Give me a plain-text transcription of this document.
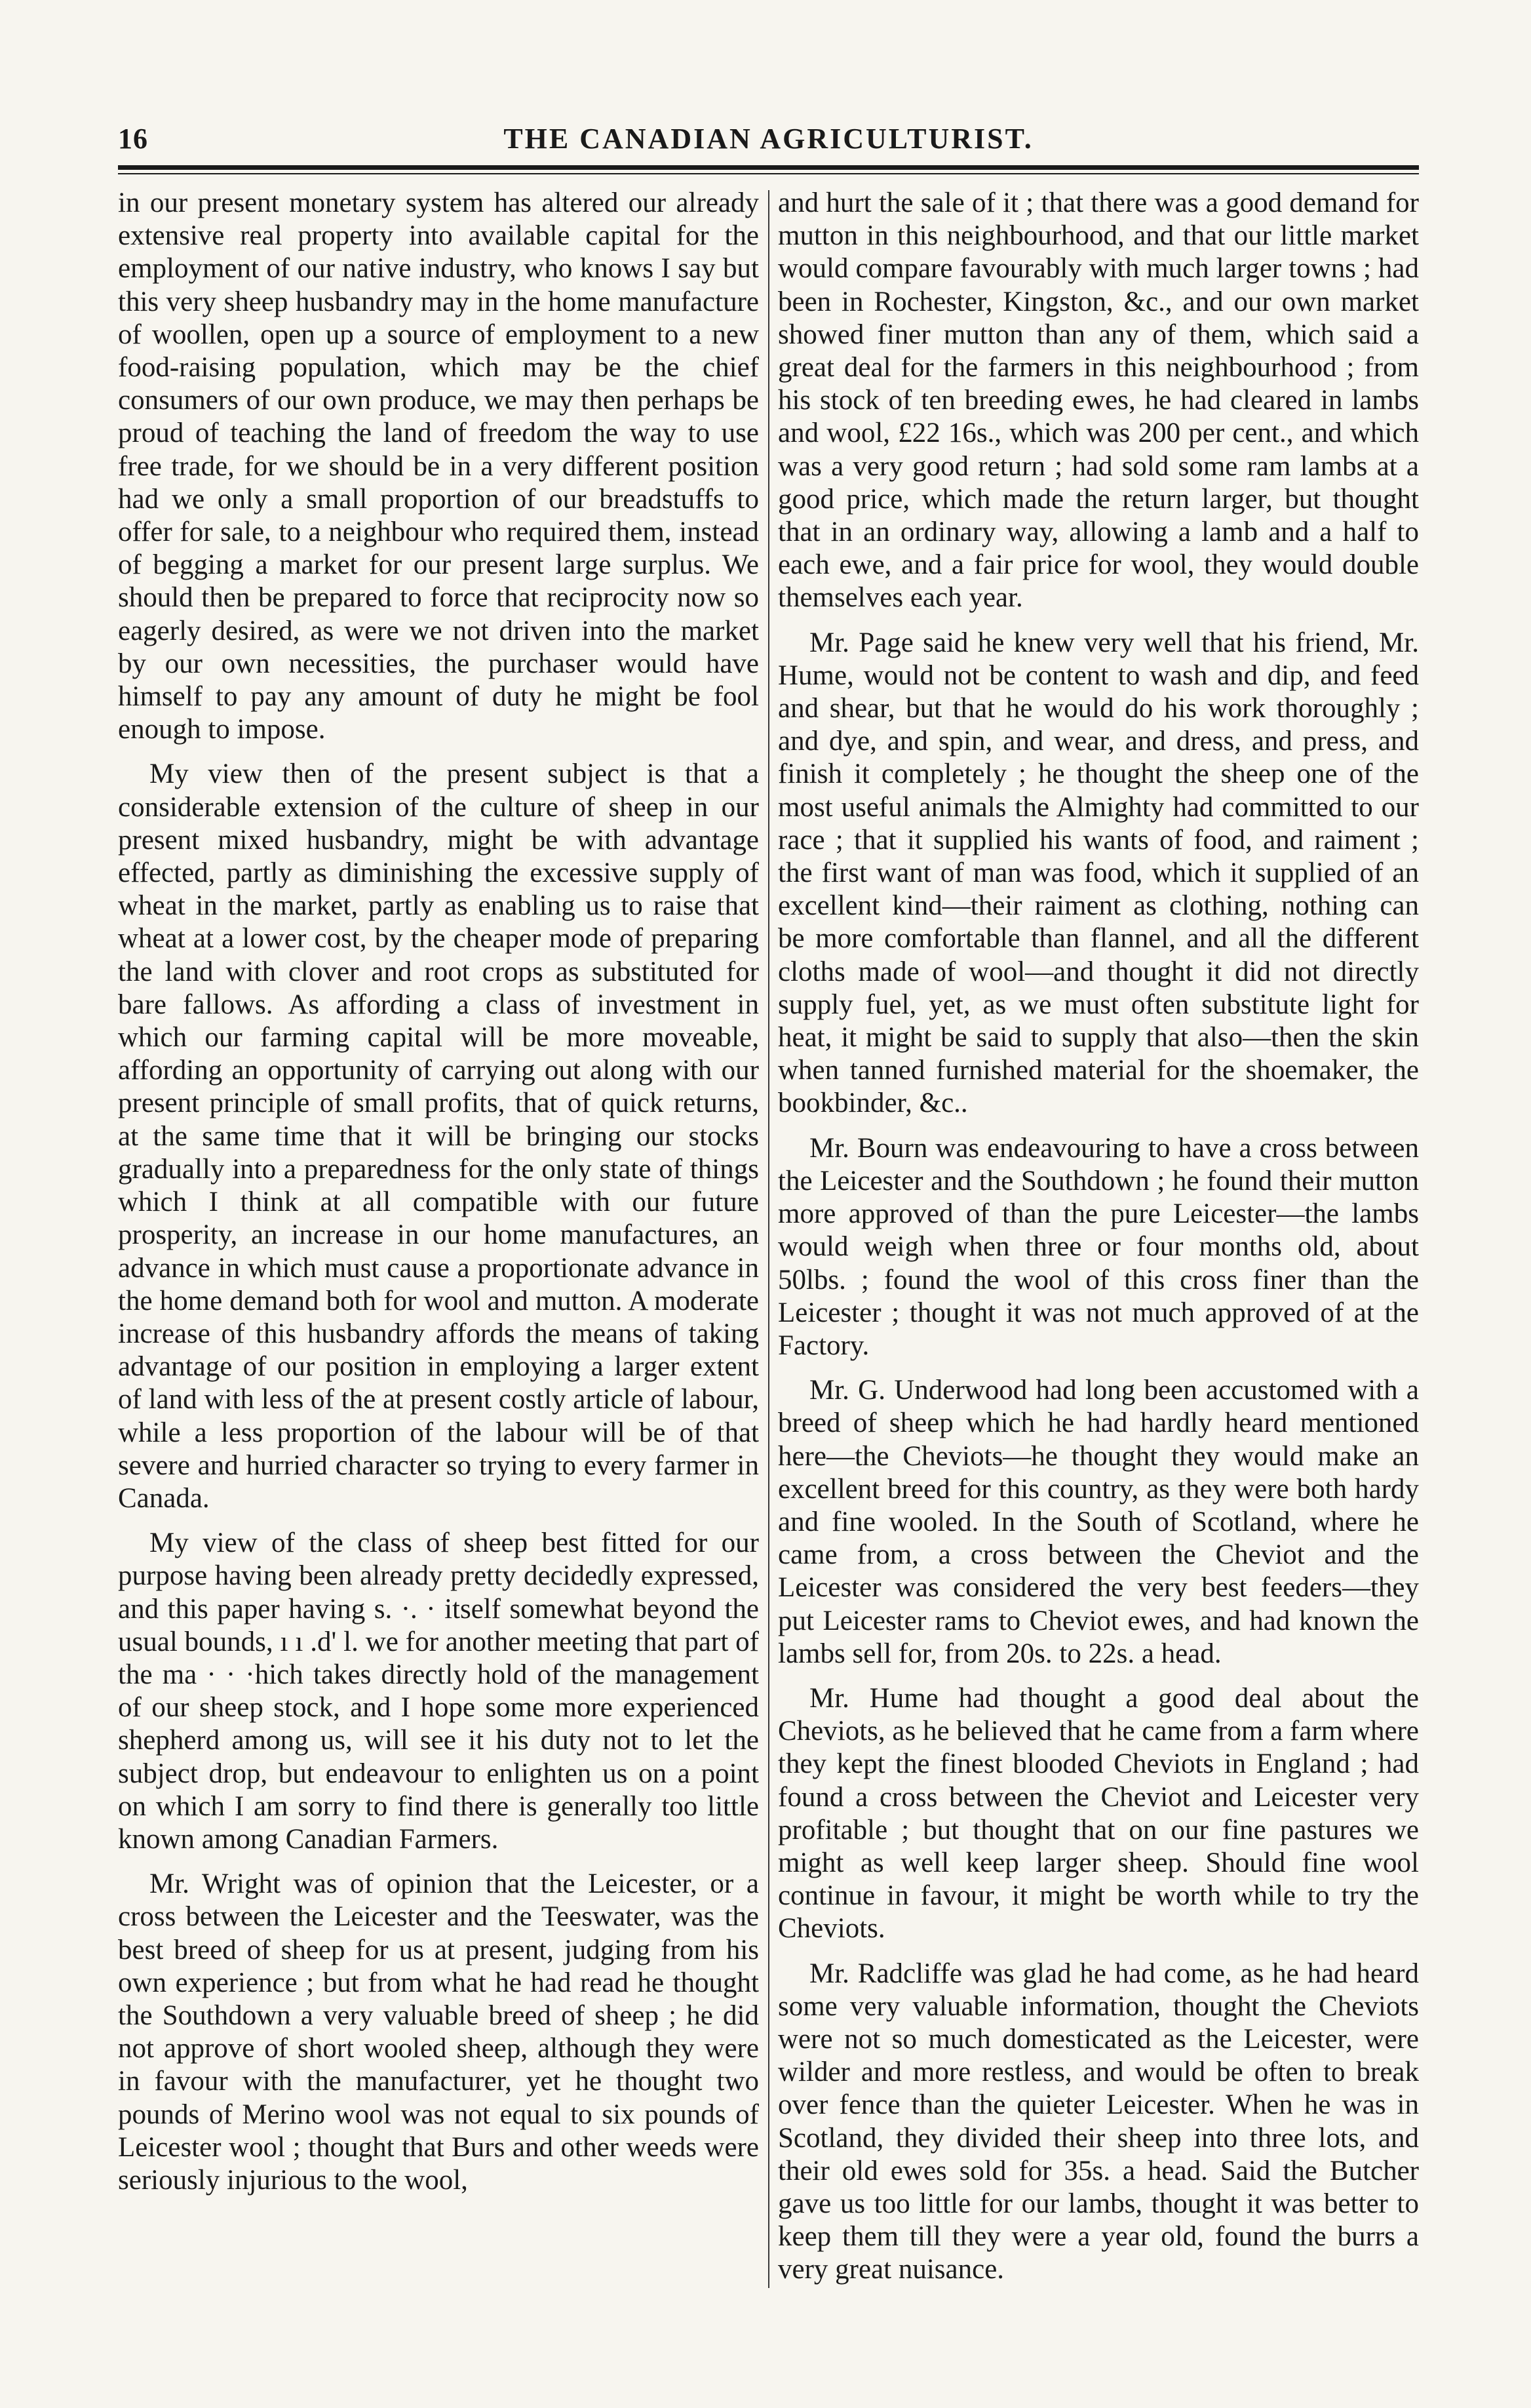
16	THE CANADIAN AGRICULTURIST.

in our present monetary system has altered our already extensive real property into available capital for the employment of our native industry, who knows I say but this very sheep husbandry may in the home manufacture of woollen, open up a source of employment to a new food-raising population, which may be the chief consumers of our own produce, we may then perhaps be proud of teaching the land of freedom the way to use free trade, for we should be in a very different position had we only a small proportion of our breadstuffs to offer for sale, to a neighbour who required them, instead of begging a market for our present large surplus. We should then be prepared to force that reciprocity now so eagerly desired, as were we not driven into the market by our own necessities, the purchaser would have himself to pay any amount of duty he might be fool enough to impose.

My view then of the present subject is that a considerable extension of the culture of sheep in our present mixed husbandry, might be with advantage effected, partly as diminishing the excessive supply of wheat in the market, partly as enabling us to raise that wheat at a lower cost, by the cheaper mode of preparing the land with clover and root crops as substituted for bare fallows. As affording a class of investment in which our farming capital will be more moveable, affording an opportunity of carrying out along with our present principle of small profits, that of quick returns, at the same time that it will be bringing our stocks gradually into a preparedness for the only state of things which I think at all compatible with our future prosperity, an increase in our home manufactures, an advance in which must cause a proportionate advance in the home demand both for wool and mutton. A moderate increase of this husbandry affords the means of taking advantage of our position in employing a larger extent of land with less of the at present costly article of labour, while a less proportion of the labour will be of that severe and hurried character so trying to every farmer in Canada.

My view of the class of sheep best fitted for our purpose having been already pretty decidedly expressed, and this paper having s. ·. · itself somewhat beyond the usual bounds, ı ı .d' l. we for another meeting that part of the ma · · ·hich takes directly hold of the management of our sheep stock, and I hope some more experienced shepherd among us, will see it his duty not to let the subject drop, but endeavour to enlighten us on a point on which I am sorry to find there is generally too little known among Canadian Farmers.

Mr. Wright was of opinion that the Leicester, or a cross between the Leicester and the Teeswater, was the best breed of sheep for us at present, judging from his own experience ; but from what he had read he thought the Southdown a very valuable breed of sheep ; he did not approve of short wooled sheep, although they were in favour with the manufacturer, yet he thought two pounds of Merino wool was not equal to six pounds of Leicester wool ; thought that Burs and other weeds were seriously injurious to the wool,

and hurt the sale of it ; that there was a good demand for mutton in this neighbourhood, and that our little market would compare favourably with much larger towns ; had been in Rochester, Kingston, &c., and our own market showed finer mutton than any of them, which said a great deal for the farmers in this neighbourhood ; from his stock of ten breeding ewes, he had cleared in lambs and wool, £22 16s., which was 200 per cent., and which was a very good return ; had sold some ram lambs at a good price, which made the return larger, but thought that in an ordinary way, allowing a lamb and a half to each ewe, and a fair price for wool, they would double themselves each year.

Mr. Page said he knew very well that his friend, Mr. Hume, would not be content to wash and dip, and feed and shear, but that he would do his work thoroughly ; and dye, and spin, and wear, and dress, and press, and finish it completely ; he thought the sheep one of the most useful animals the Almighty had committed to our race ; that it supplied his wants of food, and raiment ; the first want of man was food, which it supplied of an excellent kind—their raiment as clothing, nothing can be more comfortable than flannel, and all the different cloths made of wool—and thought it did not directly supply fuel, yet, as we must often substitute light for heat, it might be said to supply that also—then the skin when tanned furnished material for the shoemaker, the bookbinder, &c..

Mr. Bourn was endeavouring to have a cross between the Leicester and the Southdown ; he found their mutton more approved of than the pure Leicester—the lambs would weigh when three or four months old, about 50lbs. ; found the wool of this cross finer than the Leicester ; thought it was not much approved of at the Factory.

Mr. G. Underwood had long been accustomed with a breed of sheep which he had hardly heard mentioned here—the Cheviots—he thought they would make an excellent breed for this country, as they were both hardy and fine wooled. In the South of Scotland, where he came from, a cross between the Cheviot and the Leicester was considered the very best feeders—they put Leicester rams to Cheviot ewes, and had known the lambs sell for, from 20s. to 22s. a head.

Mr. Hume had thought a good deal about the Cheviots, as he believed that he came from a farm where they kept the finest blooded Cheviots in England ; had found a cross between the Cheviot and Leicester very profitable ; but thought that on our fine pastures we might as well keep larger sheep. Should fine wool continue in favour, it might be worth while to try the Cheviots.

Mr. Radcliffe was glad he had come, as he had heard some very valuable information, thought the Cheviots were not so much domesticated as the Leicester, were wilder and more restless, and would be often to break over fence than the quieter Leicester. When he was in Scotland, they divided their sheep into three lots, and their old ewes sold for 35s. a head. Said the Butcher gave us too little for our lambs, thought it was better to keep them till they were a year old, found the burrs a very great nuisance.
